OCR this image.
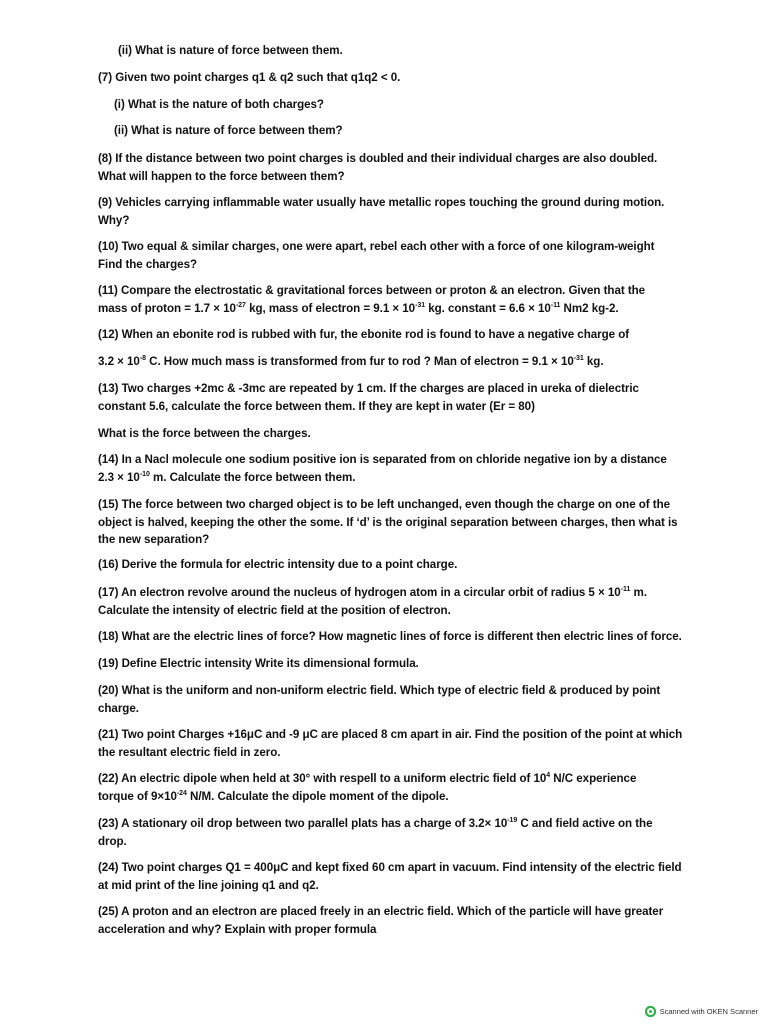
(ii) What is nature of force between them.
(7) Given two point charges q1 & q2 such that q1q2 < 0.
(i) What is the nature of both charges?
(ii) What is nature of force between them?
(8) If the distance between two point charges is doubled and their individual charges are also doubled.
What will happen to the force between them?
(9) Vehicles carrying inflammable water usually have metallic ropes touching the ground during motion.
Why?
(10) Two equal & similar charges, one were apart, rebel each other with a force of one kilogram-weight
Find the charges?
(11) Compare the electrostatic & gravitational forces between or proton & an electron. Given that the
mass of proton = $1.7 \times 10^{-27}$ kg, mass of electron = $9.1 \times 10^{-31}$ kg. constant = $6.6 \times 10^{-11}$ Nm2 kg-2.
(12) When an ebonite rod is rubbed with fur, the ebonite rod is found to have a negative charge of
$3.2 \times 10^{-8}$ C. How much mass is transformed from fur to rod ? Man of electron = $9.1 \times 10^{-31}$ kg.
(13) Two charges +2mc & -3mc are repeated by 1 cm. If the charges are placed in ureka of dielectric
constant 5.6, calculate the force between them. If they are kept in water (Er = 80)
What is the force between the charges.
(14) In a Nacl molecule one sodium positive ion is separated from on chloride negative ion by a distance
$2.3 \times 10^{-10}$ m. Calculate the force between them.
(15) The force between two charged object is to be left unchanged, even though the charge on one of the
object is halved, keeping the other the some. If ‘d’ is the original separation between charges, then what is
the new separation?
(16) Derive the formula for electric intensity due to a point charge.
(17) An electron revolve around the nucleus of hydrogen atom in a circular orbit of radius $5 \times 10^{-11}$ m.
Calculate the intensity of electric field at the position of electron.
(18) What are the electric lines of force? How magnetic lines of force is different then electric lines of force.
(19) Define Electric intensity Write its dimensional formula.
(20) What is the uniform and non-uniform electric field. Which type of electric field & produced by point
charge.
(21) Two point Charges +16μC and -9 μC are placed 8 cm apart in air. Find the position of the point at which
the resultant electric field in zero.
(22) An electric dipole when held at 30° with respell to a uniform electric field of $10^4$ N/C experience
torque of $9\times 10^{-24}$ N/M. Calculate the dipole moment of the dipole.
(23) A stationary oil drop between two parallel plats has a charge of $3.2\times 10^{-19}$ C and field active on the
drop.
(24) Two point charges Q1 = 400μC and kept fixed 60 cm apart in vacuum. Find intensity of the electric field
at mid print of the line joining q1 and q2.
(25) A proton and an electron are placed freely in an electric field. Which of the particle will have greater
acceleration and why? Explain with proper formula
Scanned with OKEN Scanner
